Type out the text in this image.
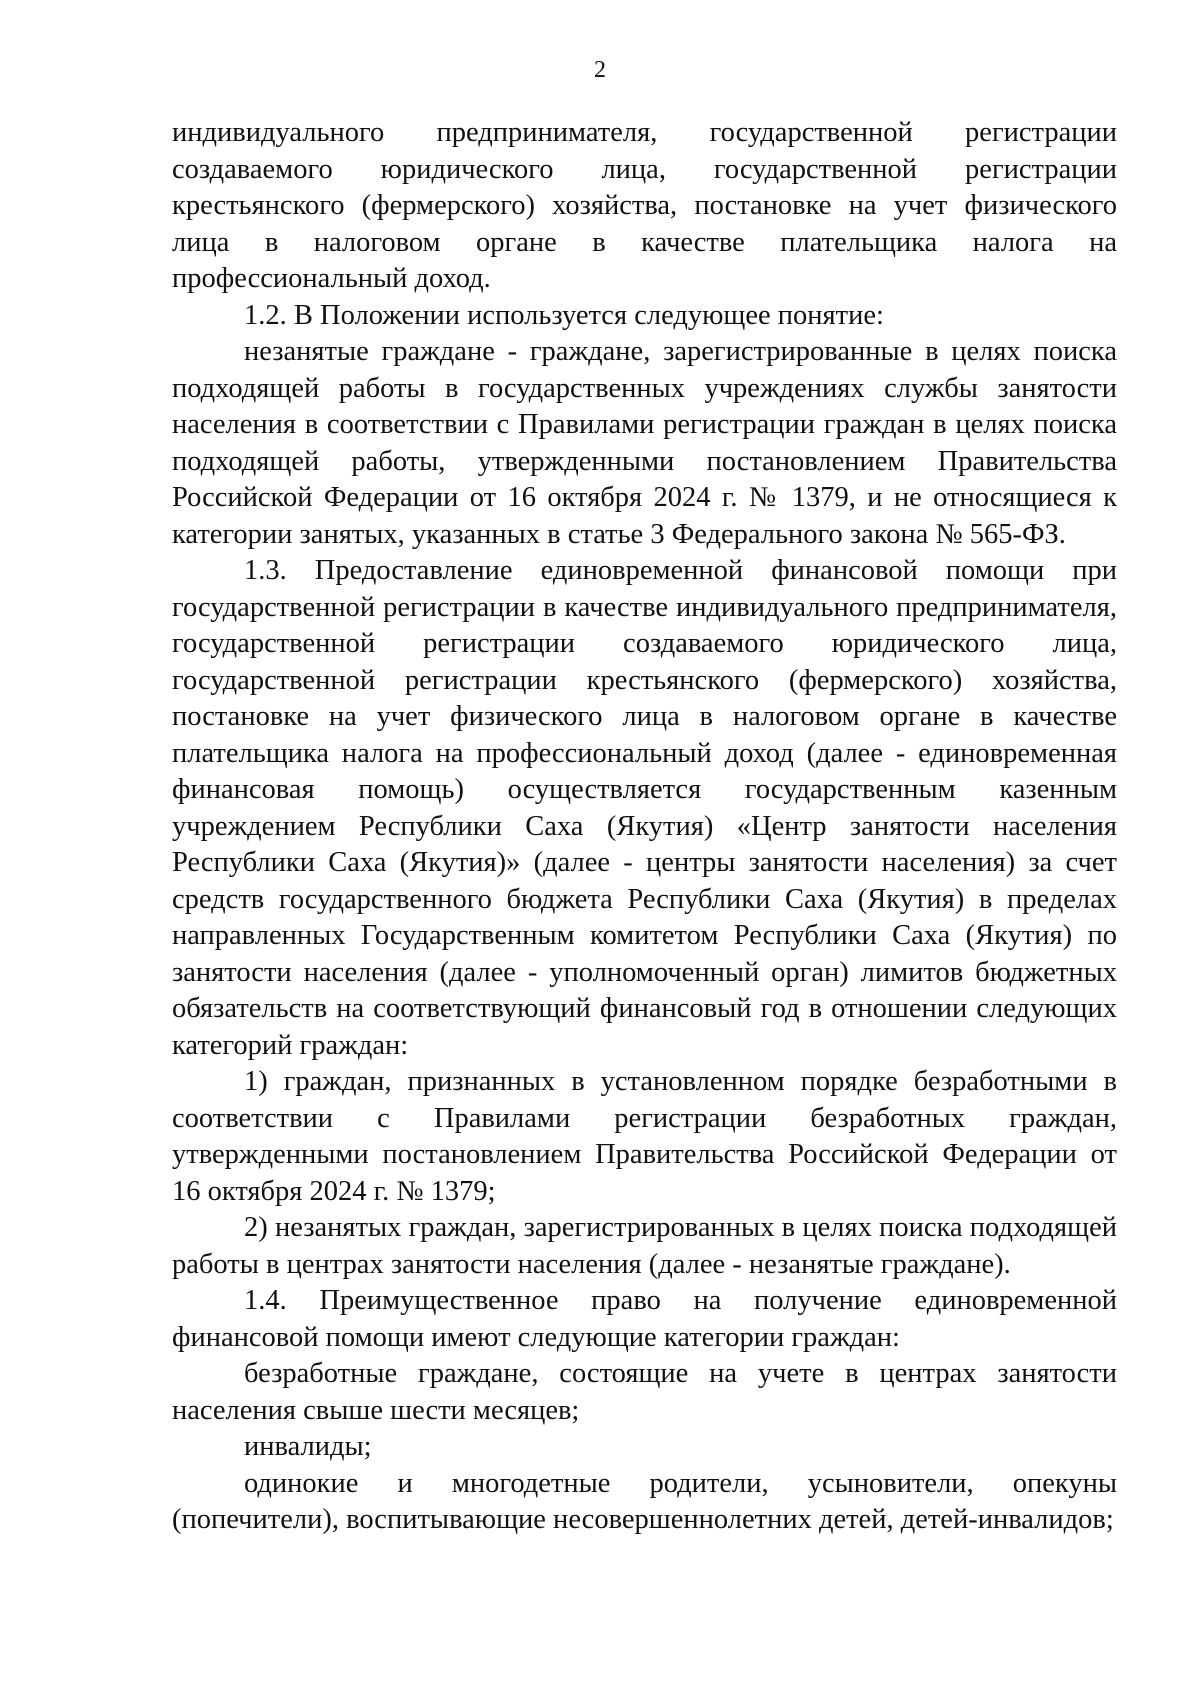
2

индивидуального предпринимателя, государственной регистрации создаваемого юридического лица, государственной регистрации крестьянского (фермерского) хозяйства, постановке на учет физического лица в налоговом органе в качестве плательщика налога на профессиональный доход.

1.2. В Положении используется следующее понятие:

незанятые граждане - граждане, зарегистрированные в целях поиска подходящей работы в государственных учреждениях службы занятости населения в соответствии с Правилами регистрации граждан в целях поиска подходящей работы, утвержденными постановлением Правительства Российской Федерации от 16 октября 2024 г. № 1379, и не относящиеся к категории занятых, указанных в статье 3 Федерального закона № 565-ФЗ.

1.3. Предоставление единовременной финансовой помощи при государственной регистрации в качестве индивидуального предпринимателя, государственной регистрации создаваемого юридического лица, государственной регистрации крестьянского (фермерского) хозяйства, постановке на учет физического лица в налоговом органе в качестве плательщика налога на профессиональный доход (далее - единовременная финансовая помощь) осуществляется государственным казенным учреждением Республики Саха (Якутия) «Центр занятости населения Республики Саха (Якутия)» (далее - центры занятости населения) за счет средств государственного бюджета Республики Саха (Якутия) в пределах направленных Государственным комитетом Республики Саха (Якутия) по занятости населения (далее - уполномоченный орган) лимитов бюджетных обязательств на соответствующий финансовый год в отношении следующих категорий граждан:

1) граждан, признанных в установленном порядке безработными в соответствии с Правилами регистрации безработных граждан, утвержденными постановлением Правительства Российской Федерации от 16 октября 2024 г. № 1379;

2) незанятых граждан, зарегистрированных в целях поиска подходящей работы в центрах занятости населения (далее - незанятые граждане).

1.4. Преимущественное право на получение единовременной финансовой помощи имеют следующие категории граждан:

безработные граждане, состоящие на учете в центрах занятости населения свыше шести месяцев;

инвалиды;

одинокие и многодетные родители, усыновители, опекуны (попечители), воспитывающие несовершеннолетних детей, детей-инвалидов;
